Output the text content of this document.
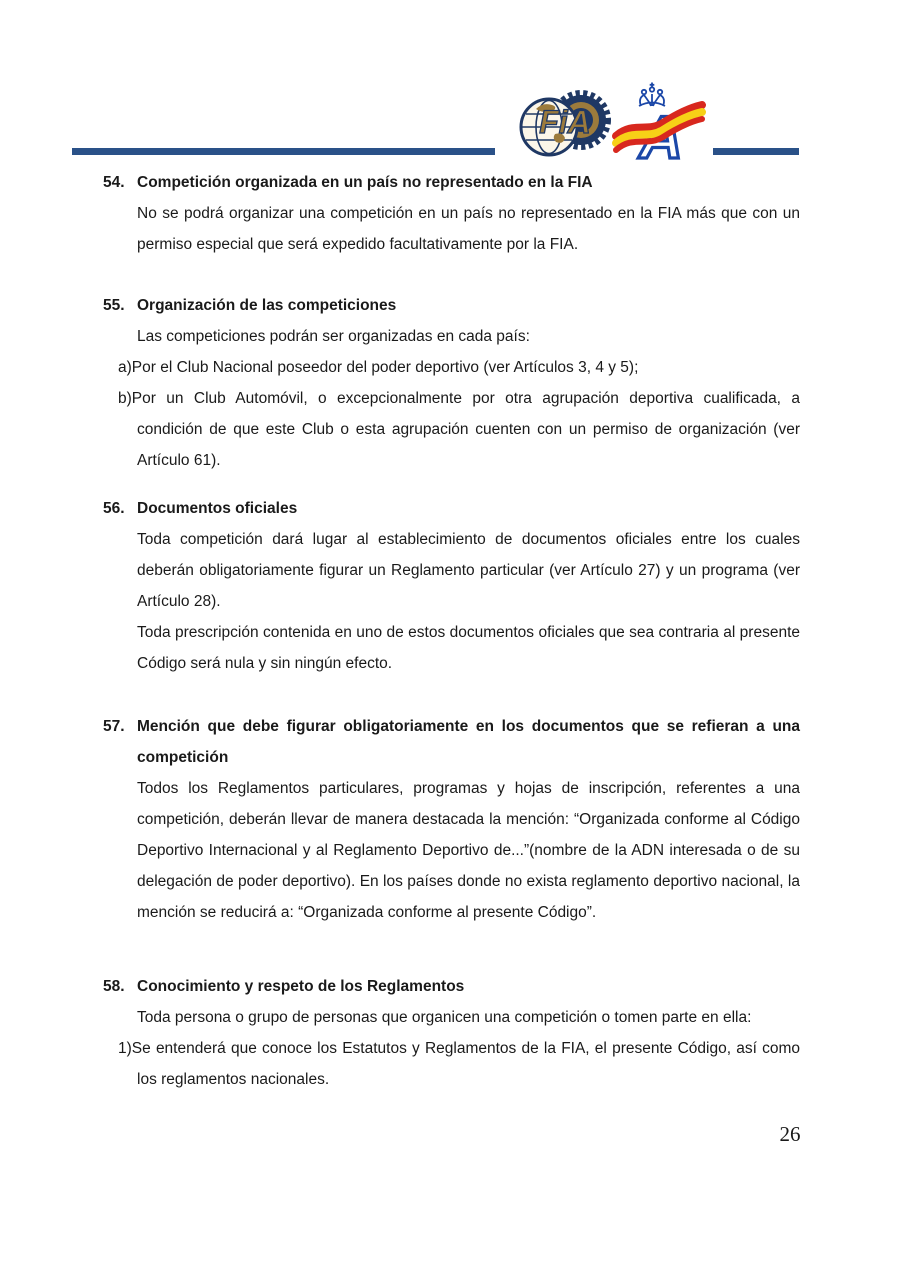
FiA A
54. Competición organizada en un país no representado en la FIA

No se podrá organizar una competición en un país no representado en la FIA más que con un permiso especial que será expedido facultativamente por la FIA.

55. Organización de las competiciones

Las competiciones podrán ser organizadas en cada país:

a)Por el Club Nacional poseedor del poder deportivo (ver Artículos 3, 4 y 5);

b)Por un Club Automóvil, o excepcionalmente por otra agrupación deportiva cualificada, a condición de que este Club o esta agrupación cuenten con un permiso de organización (ver Artículo 61).

56. Documentos oficiales

Toda competición dará lugar al establecimiento de documentos oficiales entre los cuales deberán obligatoriamente figurar un Reglamento particular (ver Artículo 27) y un programa (ver Artículo 28).

Toda prescripción contenida en uno de estos documentos oficiales que sea contraria al presente Código será nula y sin ningún efecto.

57. Mención que debe figurar obligatoriamente en los documentos que se refieran a una competición

Todos los Reglamentos particulares, programas y hojas de inscripción, referentes a una competición, deberán llevar de manera destacada la mención: “Organizada conforme al Código Deportivo Internacional y al Reglamento Deportivo de...”(nombre de la ADN interesada o de su delegación de poder deportivo). En los países donde no exista reglamento deportivo nacional, la mención se reducirá a: “Organizada conforme al presente Código”.

58. Conocimiento y respeto de los Reglamentos

Toda persona o grupo de personas que organicen una competición o tomen parte en ella:

1)Se entenderá que conoce los Estatutos y Reglamentos de la FIA, el presente Código, así como los reglamentos nacionales.

26
